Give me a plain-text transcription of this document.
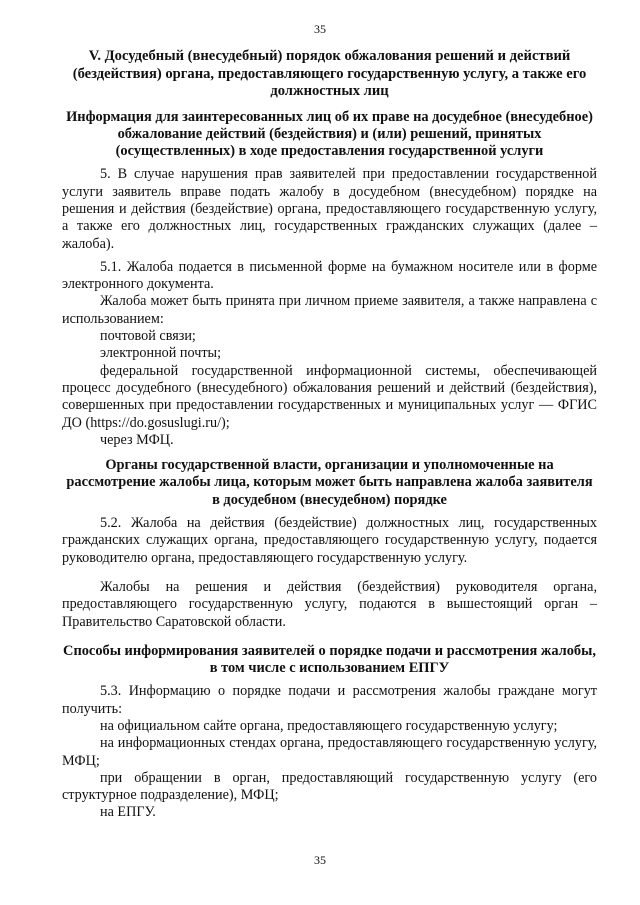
35
V. Досудебный (внесудебный) порядок обжалования решений и действий (бездействия) органа, предоставляющего государственную услугу, а также его должностных лиц
Информация для заинтересованных лиц об их праве на досудебное (внесудебное) обжалование действий (бездействия) и (или) решений, принятых (осуществленных) в ходе предоставления государственной услуги

5. В случае нарушения прав заявителей при предоставлении государственной услуги заявитель вправе подать жалобу в досудебном (внесудебном) порядке на решения и действия (бездействие) органа, предоставляющего государственную услугу, а также его должностных лиц, государственных гражданских служащих (далее – жалоба).

5.1. Жалоба подается в письменной форме на бумажном носителе или в форме электронного документа.

Жалоба может быть принята при личном приеме заявителя, а также направлена с использованием:

почтовой связи;

электронной почты;

федеральной государственной информационной системы, обеспечивающей процесс досудебного (внесудебного) обжалования решений и действий (бездействия), совершенных при предоставлении государственных и муниципальных услуг — ФГИС ДО (https://do.gosuslugi.ru/);

через МФЦ.

Органы государственной власти, организации и уполномоченные на рассмотрение жалобы лица, которым может быть направлена жалоба заявителя в досудебном (внесудебном) порядке

5.2. Жалоба на действия (бездействие) должностных лиц, государственных гражданских служащих органа, предоставляющего государственную услугу, подается руководителю органа, предоставляющего государственную услугу.

Жалобы на решения и действия (бездействия) руководителя органа, предоставляющего государственную услугу, подаются в вышестоящий орган – Правительство Саратовской области.

Способы информирования заявителей о порядке подачи и рассмотрения жалобы, в том числе с использованием ЕПГУ

5.3. Информацию о порядке подачи и рассмотрения жалобы граждане могут получить:

на официальном сайте органа, предоставляющего государственную услугу;

на информационных стендах органа, предоставляющего государственную услугу, МФЦ;

при обращении в орган, предоставляющий государственную услугу (его структурное подразделение), МФЦ;

на ЕПГУ.

35
